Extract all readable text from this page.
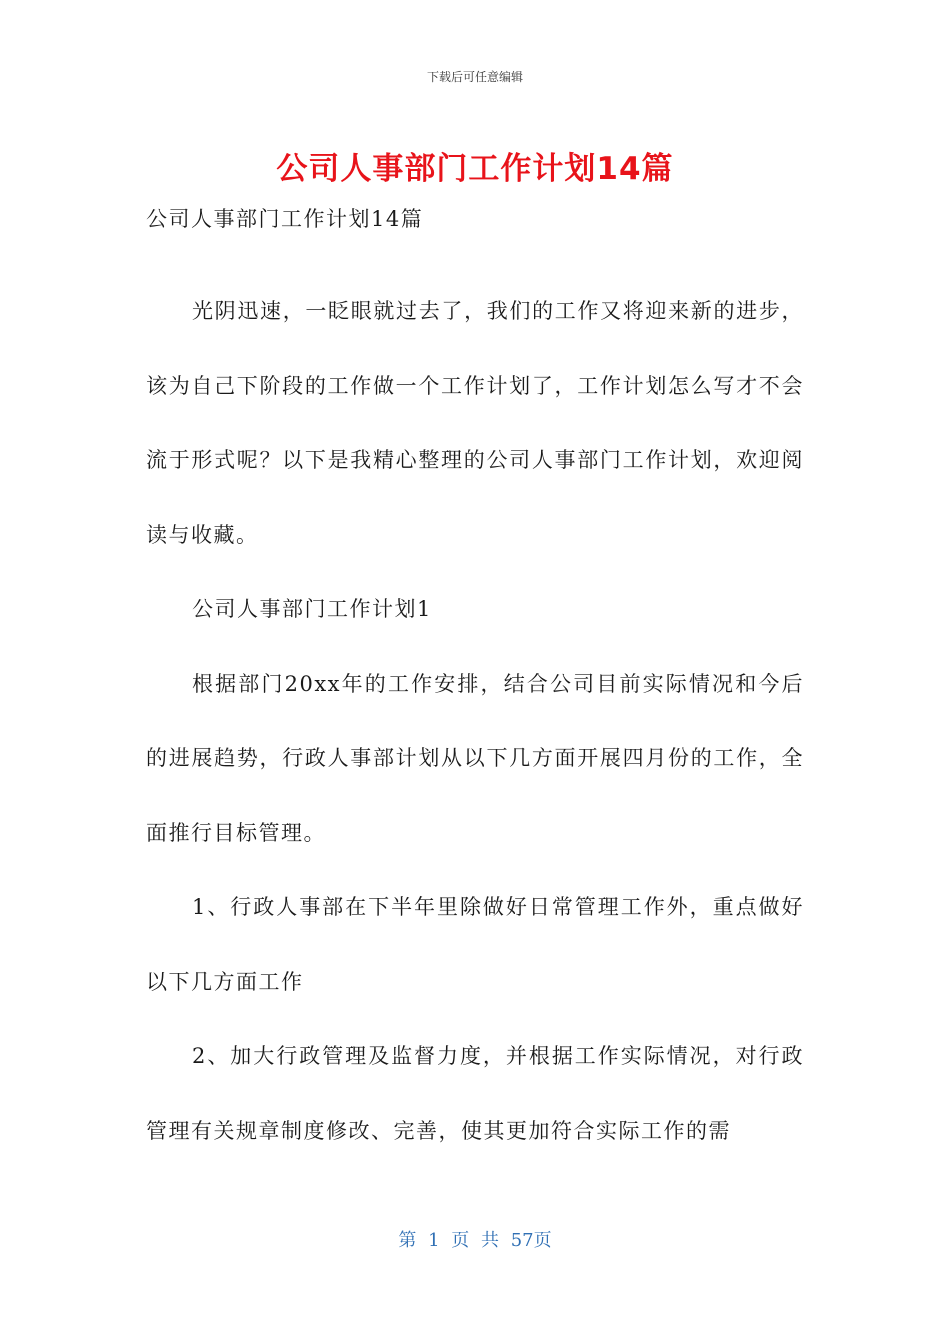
下载后可任意编辑
公司人事部门工作计划14篇

公司人事部门工作计划14篇

光阴迅速，一眨眼就过去了，我们的工作又将迎来新的进步，该为自己下阶段的工作做一个工作计划了，工作计划怎么写才不会流于形式呢？以下是我精心整理的公司人事部门工作计划，欢迎阅读与收藏。

公司人事部门工作计划1

根据部门20xx年的工作安排，结合公司目前实际情况和今后的进展趋势，行政人事部计划从以下几方面开展四月份的工作，全面推行目标管理。

1、行政人事部在下半年里除做好日常管理工作外，重点做好以下几方面工作

2、加大行政管理及监督力度，并根据工作实际情况，对行政管理有关规章制度修改、完善，使其更加符合实际工作的需

第 1 页 共 57页
